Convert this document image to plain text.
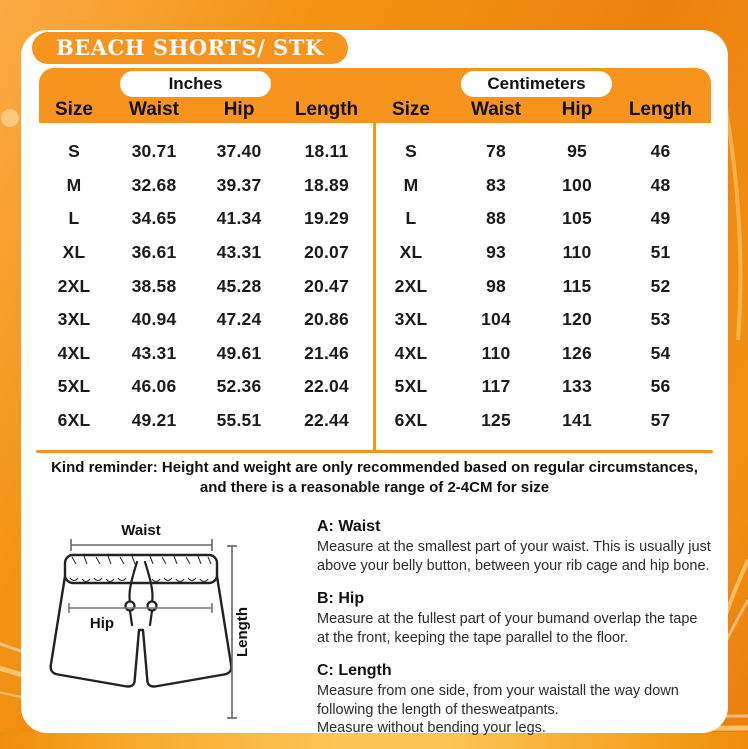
BEACH SHORTS/ STK
Inches	Centimeters
Size	Waist	Hip	Length
S	30.71	37.40	18.11
M	32.68	39.37	18.89
L	34.65	41.34	19.29
XL	36.61	43.31	20.07
2XL	38.58	45.28	20.47
3XL	40.94	47.24	20.86
4XL	43.31	49.61	21.46
5XL	46.06	52.36	22.04
6XL	49.21	55.51	22.44
Size	Waist	Hip	Length
S	78	95	46
M	83	100	48
L	88	105	49
XL	93	110	51
2XL	98	115	52
3XL	104	120	53
4XL	110	126	54
5XL	117	133	56
6XL	125	141	57
Kind reminder: Height and weight are only recommended based on regular circumstances,
and there is a reasonable range of 2-4CM for size
Waist
Hip	Length
A: Waist
Measure at the smallest part of your waist. This is usually just
above your belly button, between your rib cage and hip bone.
B: Hip
Measure at the fullest part of your bumand overlap the tape
at the front, keeping the tape parallel to the floor.
C: Length
Measure from one side, from your waistall the way down
following the length of thesweatpants.
Measure without bending your legs.
